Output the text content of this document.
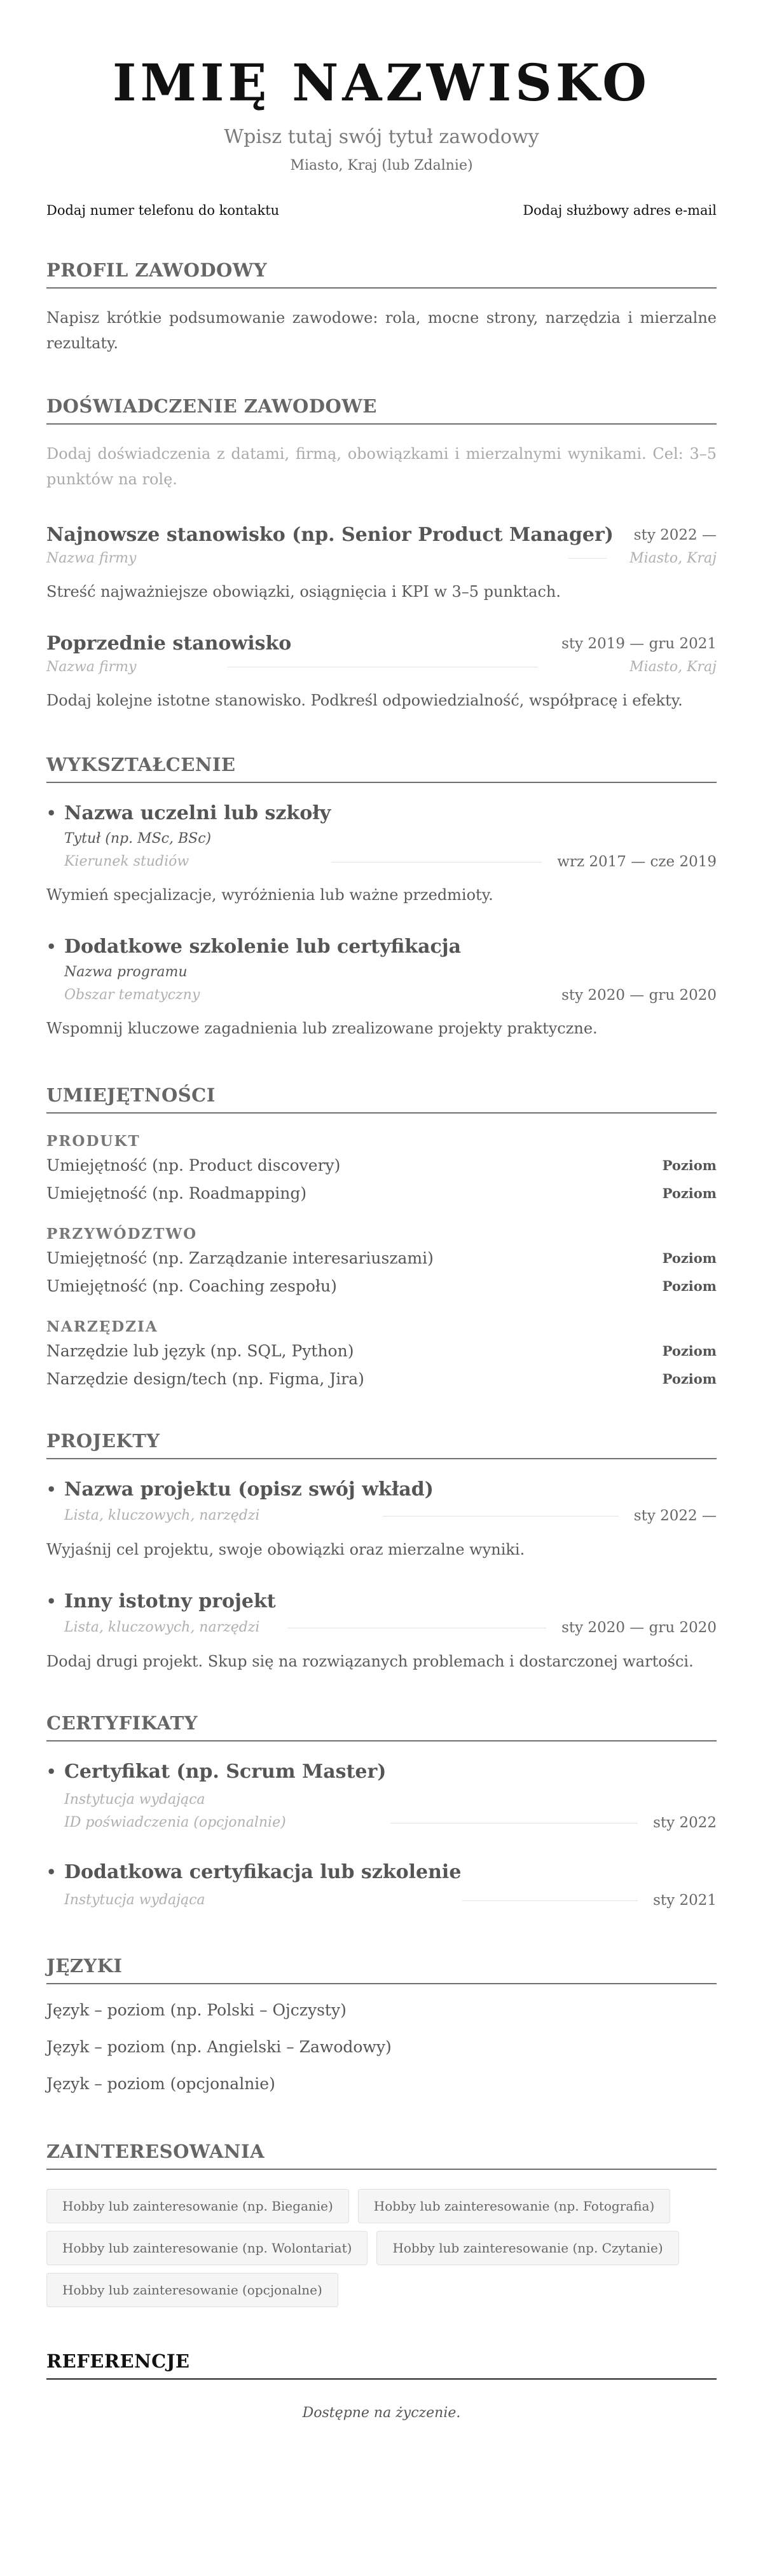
IMIĘ NAZWISKO
Wpisz tutaj swój tytuł zawodowy
Miasto, Kraj (lub Zdalnie)
Dodaj numer telefonu do kontaktu	Dodaj służbowy adres e-mail
PROFIL ZAWODOWY
Napisz krótkie podsumowanie zawodowe: rola, mocne strony, narzędzia i mierzalne rezultaty.
DOŚWIADCZENIE ZAWODOWE
Dodaj doświadczenia z datami, firmą, obowiązkami i mierzalnymi wynikami. Cel: 3–5 punktów na rolę.
Najnowsze stanowisko (np. Senior Product Manager)	sty 2022 —
Nazwa firmy	Miasto, Kraj
Streść najważniejsze obowiązki, osiągnięcia i KPI w 3–5 punktach.
Poprzednie stanowisko	sty 2019 — gru 2021
Nazwa firmy	Miasto, Kraj
Dodaj kolejne istotne stanowisko. Podkreśl odpowiedzialność, współpracę i efekty.
WYKSZTAŁCENIE
• Nazwa uczelni lub szkoły
Tytuł (np. MSc, BSc)
Kierunek studiów	wrz 2017 — cze 2019
Wymień specjalizacje, wyróżnienia lub ważne przedmioty.
• Dodatkowe szkolenie lub certyfikacja
Nazwa programu
Obszar tematyczny	sty 2020 — gru 2020
Wspomnij kluczowe zagadnienia lub zrealizowane projekty praktyczne.
UMIEJĘTNOŚCI
PRODUKT
Umiejętność (np. Product discovery)	Poziom
Umiejętność (np. Roadmapping)	Poziom
PRZYWÓDZTWO
Umiejętność (np. Zarządzanie interesariuszami)	Poziom
Umiejętność (np. Coaching zespołu)	Poziom
NARZĘDZIA
Narzędzie lub język (np. SQL, Python)	Poziom
Narzędzie design/tech (np. Figma, Jira)	Poziom
PROJEKTY
• Nazwa projektu (opisz swój wkład)
Lista, kluczowych, narzędzi	sty 2022 —
Wyjaśnij cel projektu, swoje obowiązki oraz mierzalne wyniki.
• Inny istotny projekt
Lista, kluczowych, narzędzi	sty 2020 — gru 2020
Dodaj drugi projekt. Skup się na rozwiązanych problemach i dostarczonej wartości.
CERTYFIKATY
• Certyfikat (np. Scrum Master)
Instytucja wydająca
ID poświadczenia (opcjonalnie)	sty 2022
• Dodatkowa certyfikacja lub szkolenie
Instytucja wydająca	sty 2021
JĘZYKI
Język – poziom (np. Polski – Ojczysty)
Język – poziom (np. Angielski – Zawodowy)
Język – poziom (opcjonalnie)
ZAINTERESOWANIA
Hobby lub zainteresowanie (np. Bieganie)	Hobby lub zainteresowanie (np. Fotografia)
Hobby lub zainteresowanie (np. Wolontariat)	Hobby lub zainteresowanie (np. Czytanie)
Hobby lub zainteresowanie (opcjonalne)
REFERENCJE
Dostępne na życzenie.
